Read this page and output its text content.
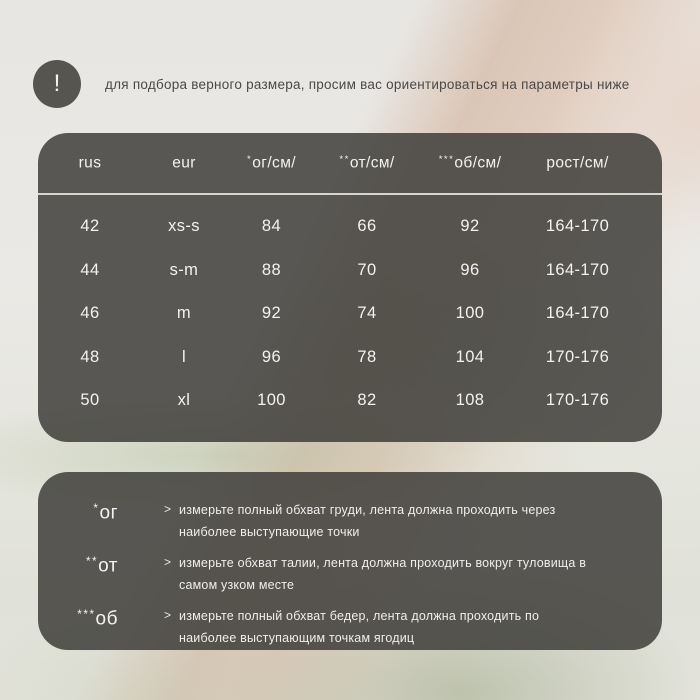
!	для подбора верного размера, просим вас ориентироваться на параметры ниже
rus	eur	*ог/см/	**от/см/	***об/см/	рост/см/
42	xs-s	84	66	92	164-170
44	s-m	88	70	96	164-170
46	m	92	74	100	164-170
48	l	96	78	104	170-176
50	xl	100	82	108	170-176
*ог	> измерьте полный обхват груди, лента должна проходить через наиболее выступающие точки
**от	> измерьте обхват талии, лента должна проходить вокруг туловища в самом узком месте
***об	> измерьте полный обхват бедер, лента должна проходить по наиболее выступающим точкам ягодиц
